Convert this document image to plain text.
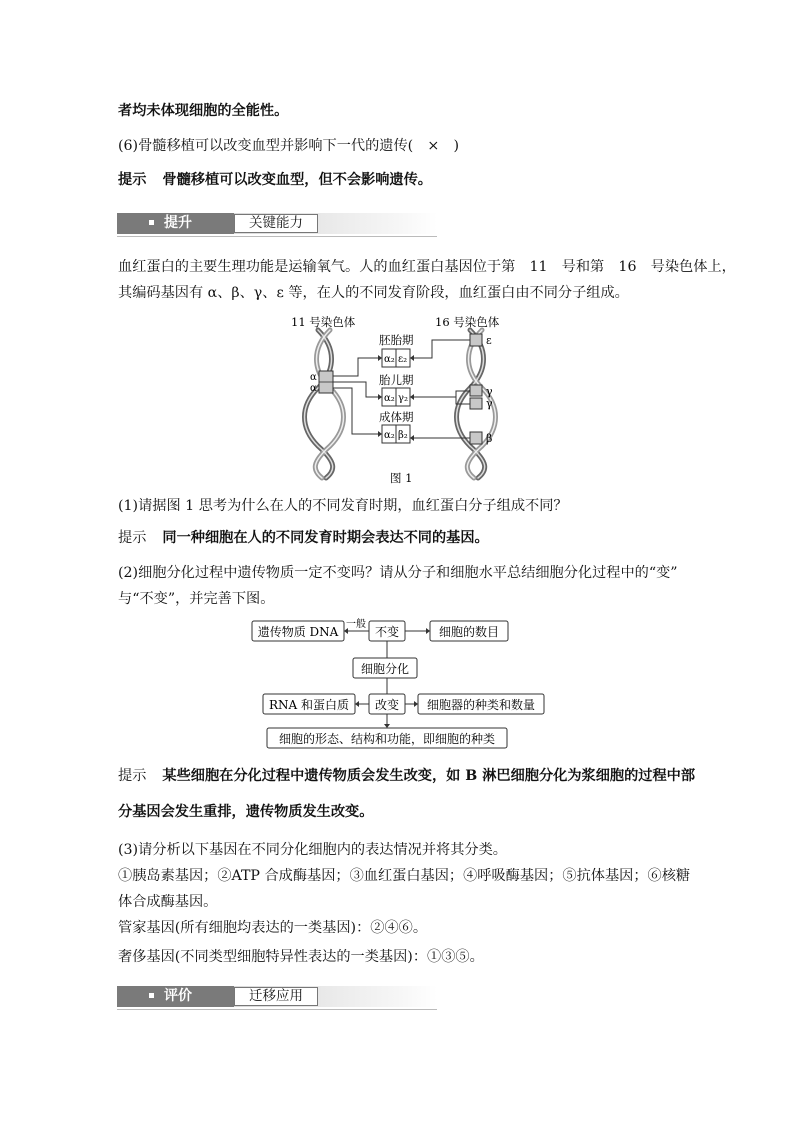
者均未体现细胞的全能性。
(6)骨髓移植可以改变血型并影响下一代的遗传(　×　)
提示 骨髓移植可以改变血型，但不会影响遗传。
提升	关键能力
血红蛋白的主要生理功能是运输氧气。人的血红蛋白基因位于第　11　号和第　16　号染色体上，
其编码基因有 α、β、γ、ε 等，在人的不同发育阶段，血红蛋白由不同分子组成。
11 号染色体	16 号染色体
α
α
胚胎期
胎儿期
成体期
α₂ ε₂
α₂ γ₂
α₂ β₂
ε
γ
γ
β
图 1
(1)请据图 1 思考为什么在人的不同发育时期，血红蛋白分子组成不同？
提示 同一种细胞在人的不同发育时期会表达不同的基因。
(2)细胞分化过程中遗传物质一定不变吗？请从分子和细胞水平总结细胞分化过程中的“变”
与“不变”，并完善下图。
遗传物质 DNA
一般
不变	细胞的数目
细胞分化
RNA 和蛋白质 改变 细胞器的种类和数量
细胞的形态、结构和功能，即细胞的种类
提示 某些细胞在分化过程中遗传物质会发生改变，如 B 淋巴细胞分化为浆细胞的过程中部
分基因会发生重排，遗传物质发生改变。
(3)请分析以下基因在不同分化细胞内的表达情况并将其分类。
①胰岛素基因；②ATP 合成酶基因；③血红蛋白基因；④呼吸酶基因；⑤抗体基因；⑥核糖
体合成酶基因。
管家基因(所有细胞均表达的一类基因)：②④⑥。
奢侈基因(不同类型细胞特异性表达的一类基因)：①③⑤。
评价	迁移应用
